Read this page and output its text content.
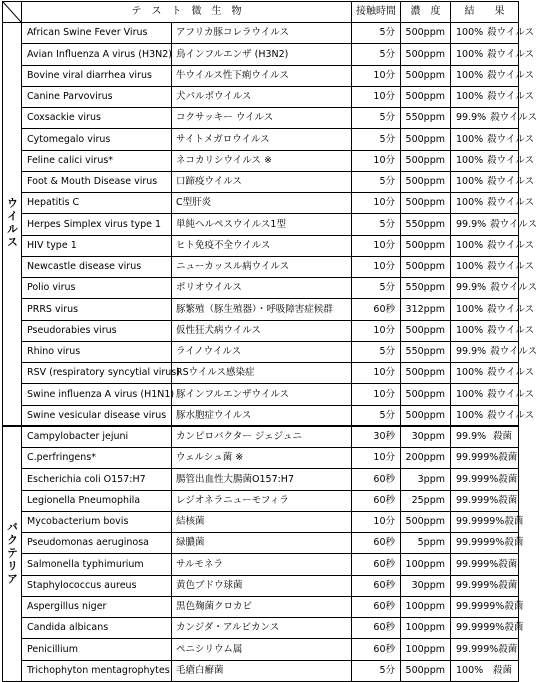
	テ　ス　ト　微　生　物		接触時間	濃　度	結　　果
ウイルス	African Swine Fever Virus	アフリカ豚コレラウイルス	5分	500ppm	100% 殺ウイルス

	Avian Influenza A virus (H3N2)	鳥インフルエンザ (H3N2)	5分	500ppm	100% 殺ウイルス

	Bovine viral diarrhea virus	牛ウイルス性下痢ウイルス	10分	500ppm	100% 殺ウイルス

	Canine Parvovirus	犬パルボウイルス	10分	500ppm	100% 殺ウイルス

	Coxsackie virus	コクサッキー ウイルス	5分	550ppm	99.9% 殺ウイルス

	Cytomegalo virus	サイトメガロウイルス	5分	500ppm	100% 殺ウイルス

	Feline calici virus*	ネコカリシウイルス ※	10分	500ppm	100% 殺ウイルス

	Foot & Mouth Disease virus	口蹄疫ウイルス	5分	500ppm	100% 殺ウイルス

	Hepatitis C	C型肝炎	10分	500ppm	100% 殺ウイルス

	Herpes Simplex virus type 1	単純ヘルペスウイルス1型	5分	550ppm	99.9% 殺ウイルス

	HIV type 1	ヒト免疫不全ウイルス	10分	500ppm	100% 殺ウイルス

	Newcastle disease virus	ニューカッスル病ウイルス	10分	500ppm	100% 殺ウイルス

	Polio virus	ポリオウイルス	5分	550ppm	99.9% 殺ウイルス

	PRRS virus	豚繁殖（豚生殖器）・呼吸障害症候群	60秒	312ppm	100% 殺ウイルス

	Pseudorabies virus	仮性狂犬病ウイルス	10分	500ppm	100% 殺ウイルス

	Rhino virus	ライノウイルス	5分	550ppm	99.9% 殺ウイルス

	RSV (respiratory syncytial virus)	RSウイルス感染症	10分	500ppm	100% 殺ウイルス

	Swine influenza A virus (H1N1)	豚インフルエンザウイルス	10分	500ppm	100% 殺ウイルス

	Swine vesicular disease virus	豚水胞症ウイルス	5分	500ppm	100% 殺ウイルス

バクテリア	Campylobacter jejuni	カンピロバクター ジェジュニ	30秒	30ppm	99.9% 殺菌

	C.perfringens*	ウェルシュ菌 ※	10分	200ppm	99.999% 殺菌

	Escherichia coli O157:H7	腸管出血性大腸菌O157:H7	60秒	3ppm	99.999% 殺菌

	Legionella Pneumophila	レジオネラニューモフィラ	60秒	25ppm	99.999% 殺菌

	Mycobacterium bovis	結核菌	10分	500ppm	99.9999% 殺菌

	Pseudomonas aeruginosa	緑膿菌	60秒	5ppm	99.9999% 殺菌

	Salmonella typhimurium	サルモネラ	60秒	100ppm	99.999% 殺菌

	Staphylococcus aureus	黄色ブドウ球菌	60秒	30ppm	99.999% 殺菌

	Aspergillus niger	黒色麹菌クロカビ	60秒	100ppm	99.9999% 殺菌

	Candida albicans	カンジダ・アルビカンス	60秒	100ppm	99.9999% 殺菌

	Penicillium	ペニシリウム属	60秒	100ppm	99.999% 殺菌

	Trichophyton mentagrophytes	毛瘡白癬菌	5分	500ppm	100% 殺菌
